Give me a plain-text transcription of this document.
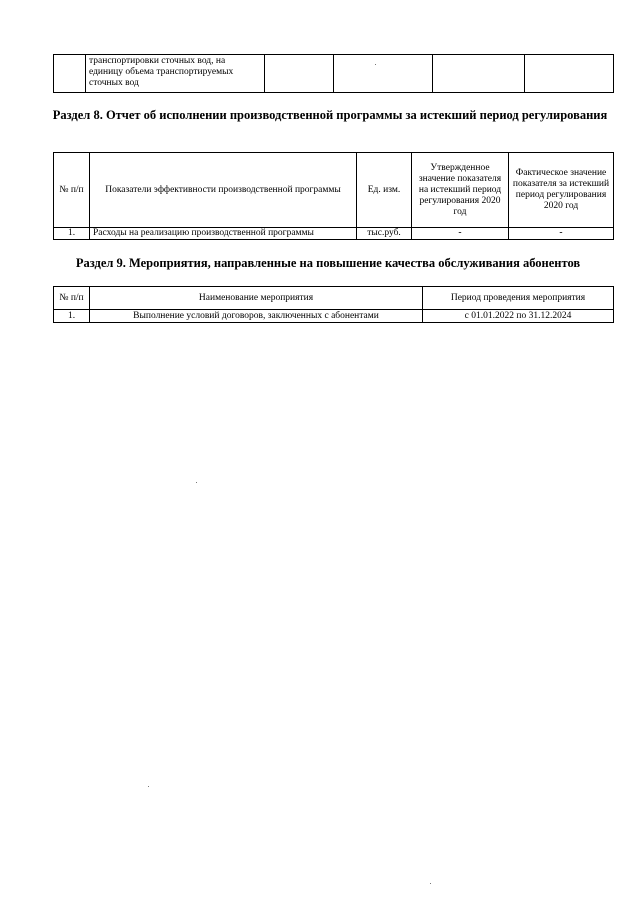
	транспортировки сточных вод, на единицу объема транспортируемых сточных вод				
Раздел 8. Отчет об исполнении производственной программы за истекший период регулирования
№ п/п	Показатели эффективности производственной программы	Ед. изм.	Утвержденное значение показателя на истекший период регулирования 2020 год	Фактическое значение показателя за истекший период регулирования 2020 год
1.	Расходы на реализацию производственной программы	тыс.руб.	-	-
Раздел 9. Мероприятия, направленные на повышение качества обслуживания абонентов
№ п/п	Наименование мероприятия	Период проведения мероприятия
1.	Выполнение условий договоров, заключенных с абонентами	с 01.01.2022 по 31.12.2024
